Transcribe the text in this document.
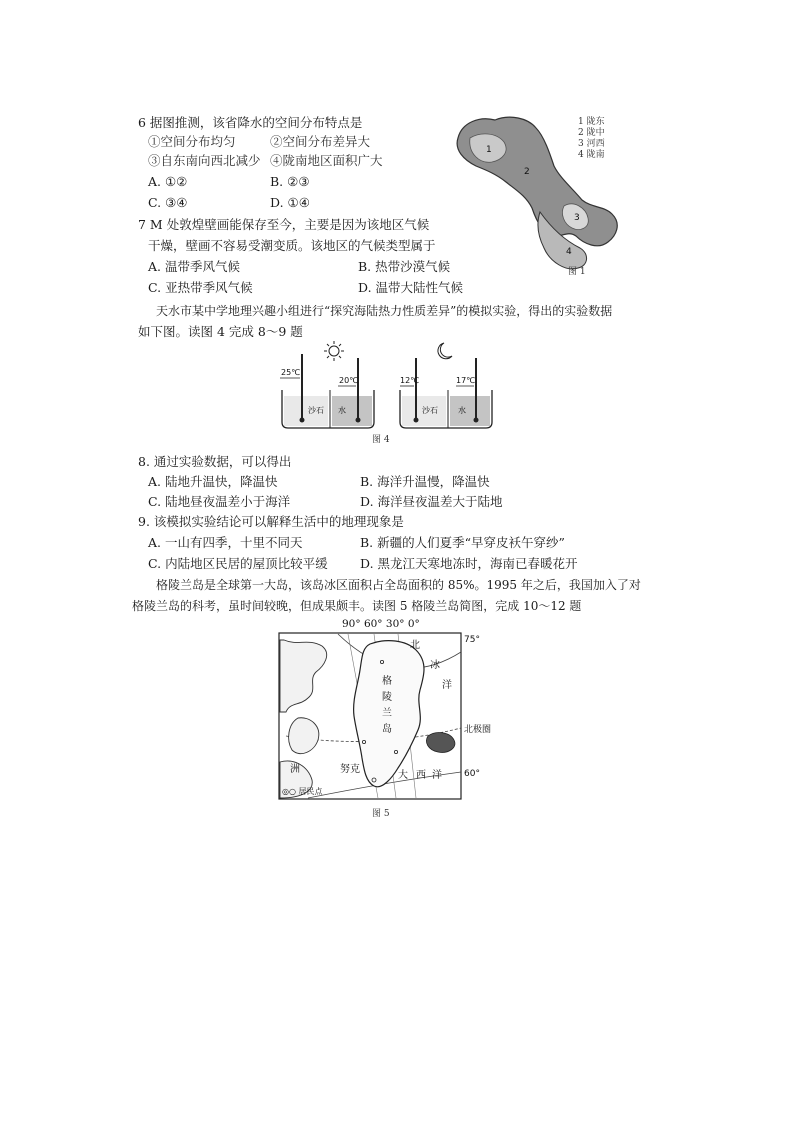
6 据图推测，该省降水的空间分布特点是
①空间分布均匀	②空间分布差异大
③自东南向西北减少 ④陇南地区面积广大
A. ①②	B. ②③
C. ③④	D. ①④
1
2
3
4
1 陇东
2 陇中
3 河西
4 陇南
图 1
7 M 处敦煌壁画能保存至今，主要是因为该地区气候
干燥，壁画不容易受潮变质。该地区的气候类型属于
A. 温带季风气候	B. 热带沙漠气候
C. 亚热带季风气候	D. 温带大陆性气候
天水市某中学地理兴趣小组进行“探究海陆热力性质差异”的模拟实验，得出的实验数据
如下图。读图 4 完成 8～9 题
25℃
20℃
沙石 水
12℃	17℃
沙石	水
图 4
8. 通过实验数据，可以得出
A. 陆地升温快，降温快	B. 海洋升温慢，降温快
C. 陆地昼夜温差小于海洋	D. 海洋昼夜温差大于陆地
9. 该模拟实验结论可以解释生活中的地理现象是
A. 一山有四季，十里不同天	B. 新疆的人们夏季“早穿皮袄午穿纱”
C. 内陆地区民居的屋顶比较平缓	D. 黑龙江天寒地冻时，海南已春暖花开
格陵兰岛是全球第一大岛，该岛冰区面积占全岛面积的 85%。1995 年之后，我国加入了对
格陵兰岛的科考，虽时间较晚，但成果颇丰。读图 5 格陵兰岛简图，完成 10～12 题
90° 60° 30° 0°
北
冰
洋
格
陵
兰
岛
大 西 洋
努克
洲
◎○ 居民点
75°
60°
北极圈
图 5
